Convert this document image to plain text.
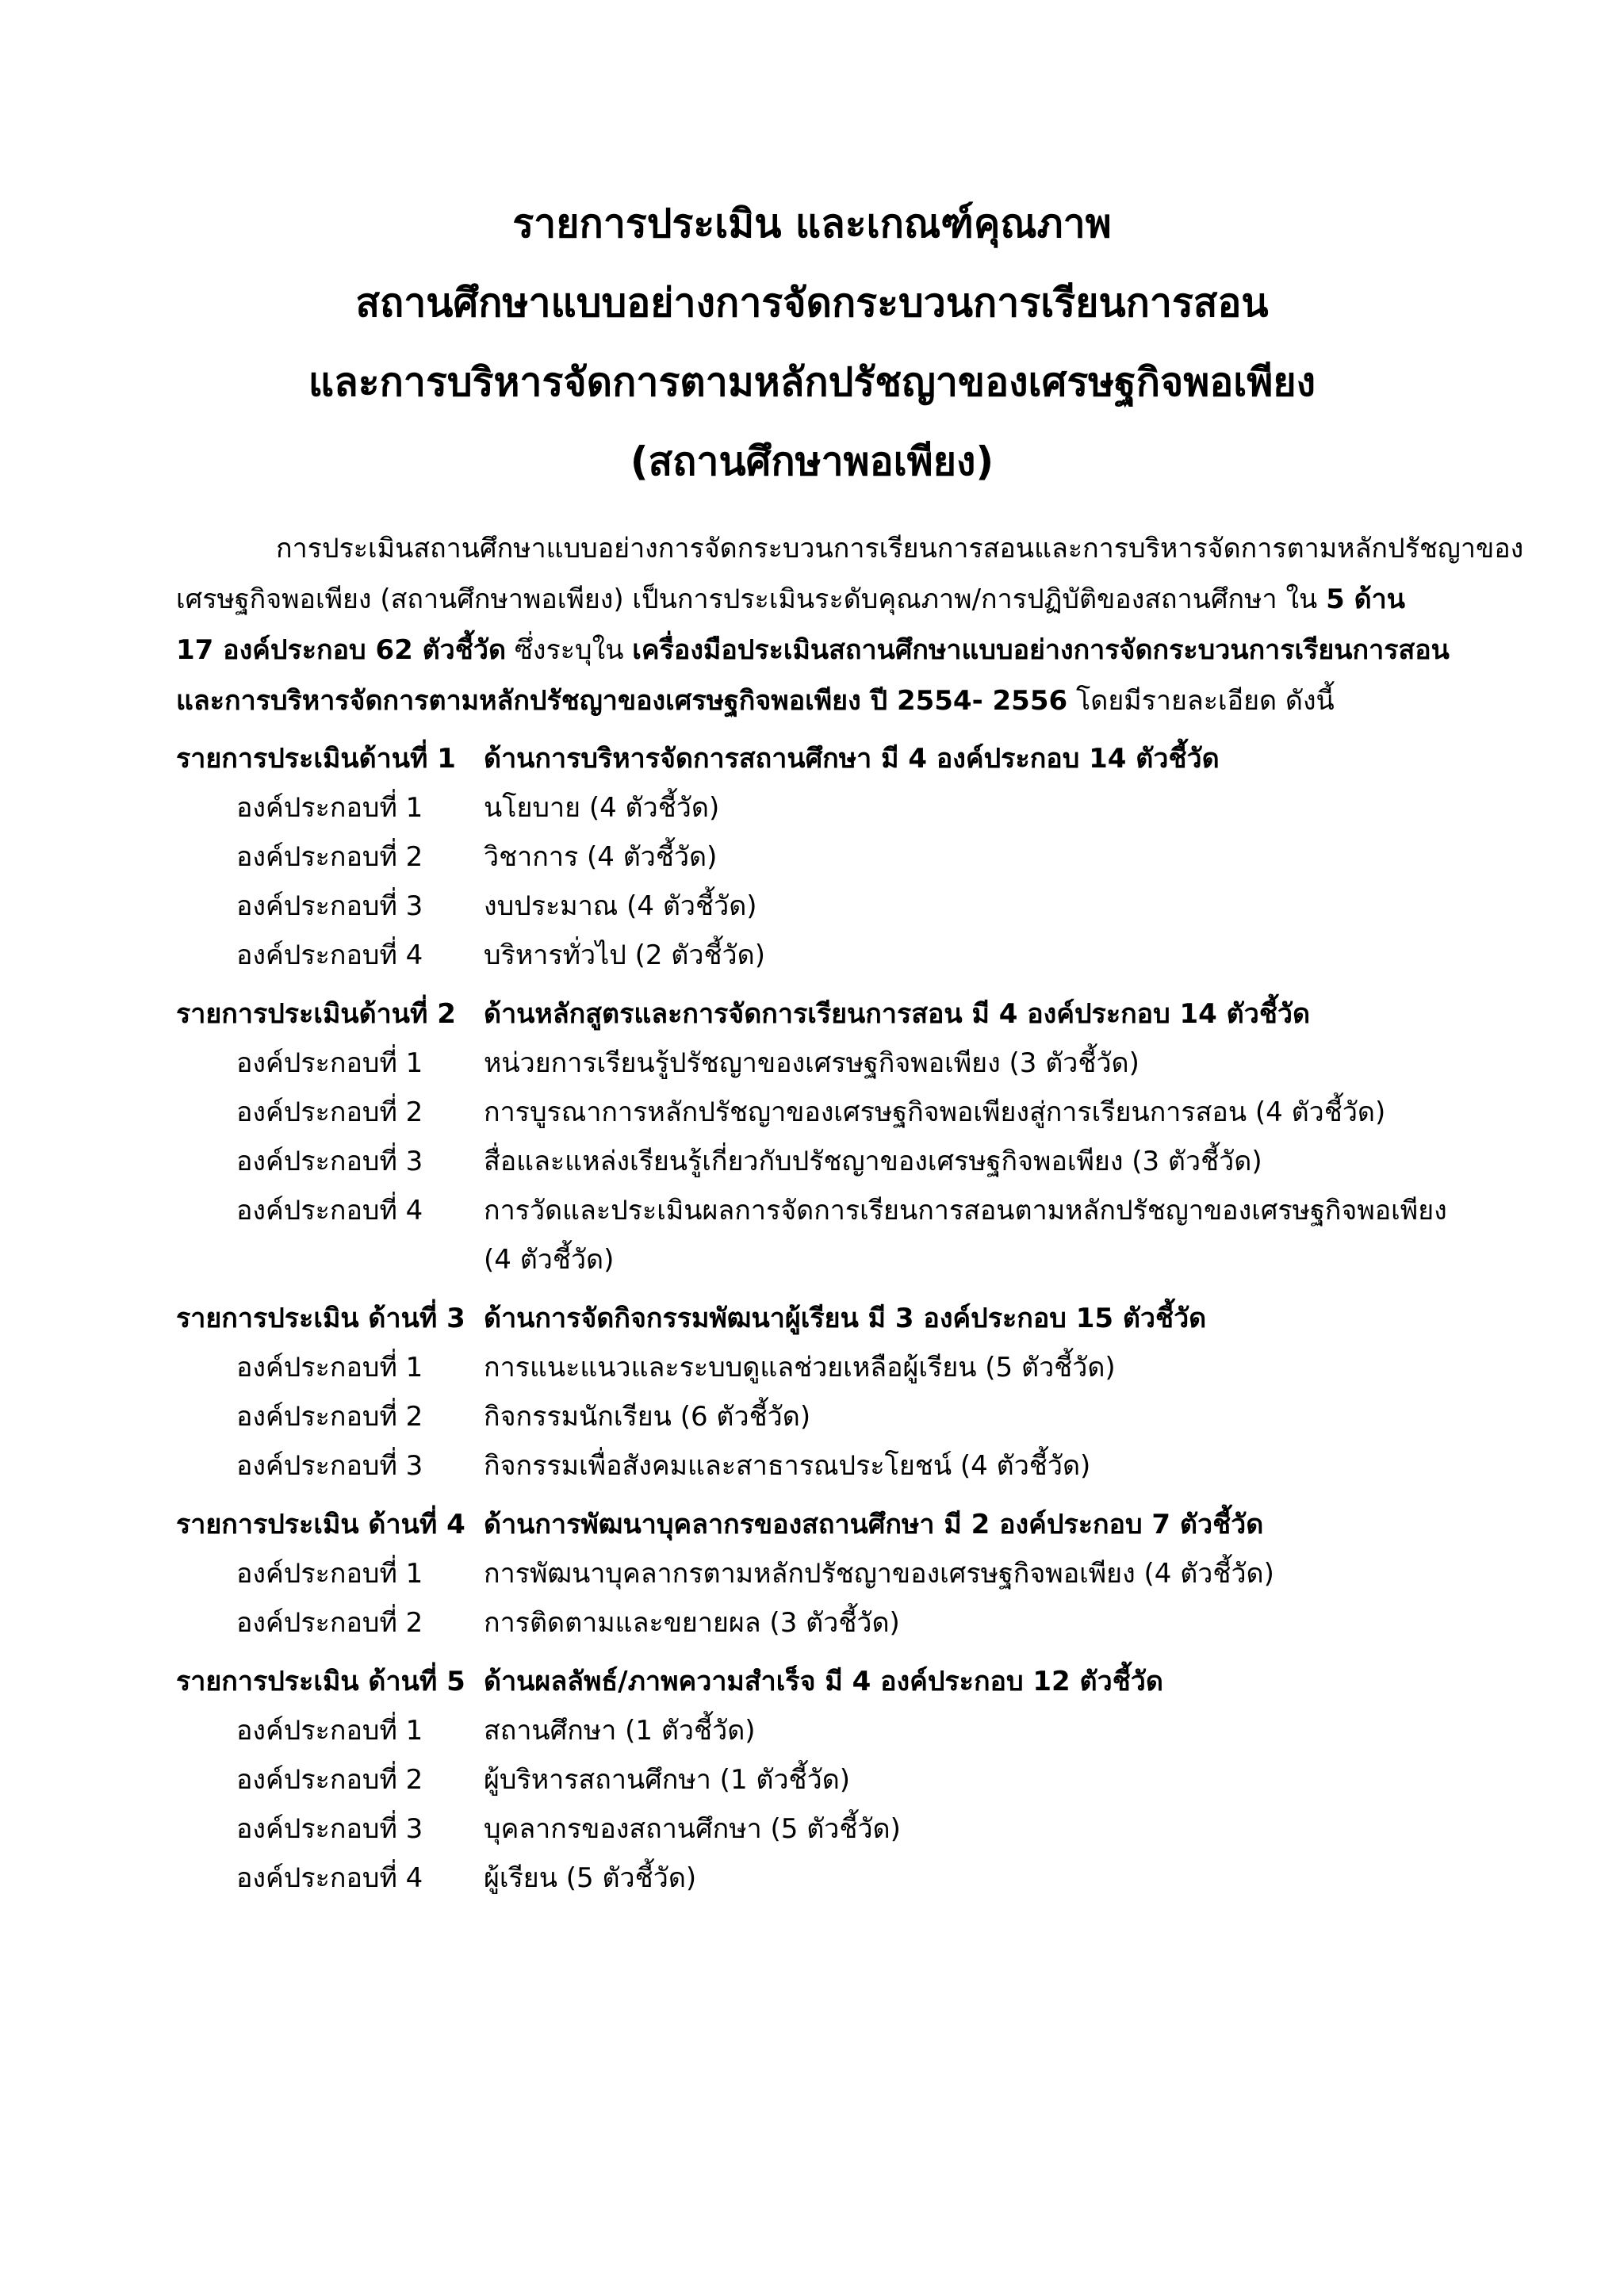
รายการประเมิน และเกณฑ์คุณภาพ
สถานศึกษาแบบอย่างการจัดกระบวนการเรียนการสอน
และการบริหารจัดการตามหลักปรัชญาของเศรษฐกิจพอเพียง
(สถานศึกษาพอเพียง)
การประเมินสถานศึกษาแบบอย่างการจัดกระบวนการเรียนการสอนและการบริหารจัดการตามหลักปรัชญาของ
เศรษฐกิจพอเพียง (สถานศึกษาพอเพียง) เป็นการประเมินระดับคุณภาพ/การปฏิบัติของสถานศึกษา ใน 5 ด้าน
17 องค์ประกอบ 62 ตัวชี้วัด ซึ่งระบุใน เครื่องมือประเมินสถานศึกษาแบบอย่างการจัดกระบวนการเรียนการสอน
และการบริหารจัดการตามหลักปรัชญาของเศรษฐกิจพอเพียง ปี 2554- 2556 โดยมีรายละเอียด ดังนี้
รายการประเมินด้านที่ 1 ด้านการบริหารจัดการสถานศึกษา มี 4 องค์ประกอบ 14 ตัวชี้วัด
องค์ประกอบที่ 1	นโยบาย (4 ตัวชี้วัด)
องค์ประกอบที่ 2	วิชาการ (4 ตัวชี้วัด)
องค์ประกอบที่ 3	งบประมาณ (4 ตัวชี้วัด)
องค์ประกอบที่ 4	บริหารทั่วไป (2 ตัวชี้วัด)
รายการประเมินด้านที่ 2 ด้านหลักสูตรและการจัดการเรียนการสอน มี 4 องค์ประกอบ 14 ตัวชี้วัด
องค์ประกอบที่ 1	หน่วยการเรียนรู้ปรัชญาของเศรษฐกิจพอเพียง (3 ตัวชี้วัด)
องค์ประกอบที่ 2	การบูรณาการหลักปรัชญาของเศรษฐกิจพอเพียงสู่การเรียนการสอน (4 ตัวชี้วัด)
องค์ประกอบที่ 3	สื่อและแหล่งเรียนรู้เกี่ยวกับปรัชญาของเศรษฐกิจพอเพียง (3 ตัวชี้วัด)
องค์ประกอบที่ 4	การวัดและประเมินผลการจัดการเรียนการสอนตามหลักปรัชญาของเศรษฐกิจพอเพียง (4 ตัวชี้วัด)
รายการประเมิน ด้านที่ 3 ด้านการจัดกิจกรรมพัฒนาผู้เรียน มี 3 องค์ประกอบ 15 ตัวชี้วัด
องค์ประกอบที่ 1	การแนะแนวและระบบดูแลช่วยเหลือผู้เรียน (5 ตัวชี้วัด)
องค์ประกอบที่ 2	กิจกรรมนักเรียน (6 ตัวชี้วัด)
องค์ประกอบที่ 3	กิจกรรมเพื่อสังคมและสาธารณประโยชน์ (4 ตัวชี้วัด)
รายการประเมิน ด้านที่ 4 ด้านการพัฒนาบุคลากรของสถานศึกษา มี 2 องค์ประกอบ 7 ตัวชี้วัด
องค์ประกอบที่ 1	การพัฒนาบุคลากรตามหลักปรัชญาของเศรษฐกิจพอเพียง (4 ตัวชี้วัด)
องค์ประกอบที่ 2	การติดตามและขยายผล (3 ตัวชี้วัด)
รายการประเมิน ด้านที่ 5 ด้านผลลัพธ์/ภาพความสำเร็จ มี 4 องค์ประกอบ 12 ตัวชี้วัด
องค์ประกอบที่ 1	สถานศึกษา (1 ตัวชี้วัด)
องค์ประกอบที่ 2	ผู้บริหารสถานศึกษา (1 ตัวชี้วัด)
องค์ประกอบที่ 3	บุคลากรของสถานศึกษา (5 ตัวชี้วัด)
องค์ประกอบที่ 4	ผู้เรียน (5 ตัวชี้วัด)
